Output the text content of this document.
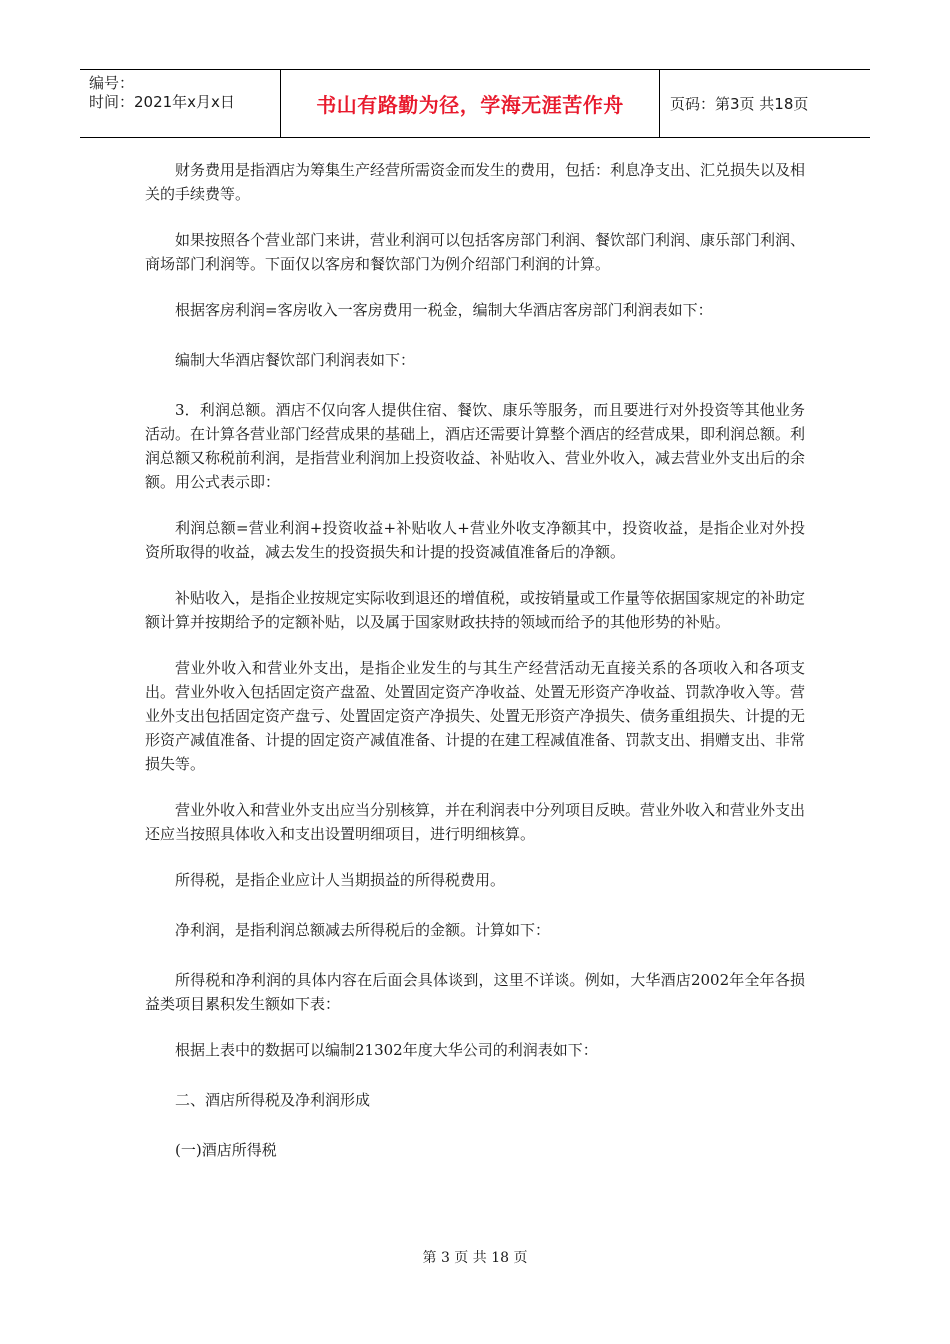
编号：
时间：2021年x月x日	书山有路勤为径，学海无涯苦作舟	页码：第3页 共18页

财务费用是指酒店为筹集生产经营所需资金而发生的费用，包括：利息净支出、汇兑损失以及相关的手续费等。

如果按照各个营业部门来讲，营业利润可以包括客房部门利润、餐饮部门利润、康乐部门利润、商场部门利润等。下面仅以客房和餐饮部门为例介绍部门利润的计算。

根据客房利润=客房收入一客房费用一税金，编制大华酒店客房部门利润表如下：

编制大华酒店餐饮部门利润表如下：

3．利润总额。酒店不仅向客人提供住宿、餐饮、康乐等服务，而且要进行对外投资等其他业务活动。在计算各营业部门经营成果的基础上，酒店还需要计算整个酒店的经营成果，即利润总额。利润总额又称税前利润，是指营业利润加上投资收益、补贴收入、营业外收入，减去营业外支出后的余额。用公式表示即：

利润总额=营业利润+投资收益+补贴收人+营业外收支净额其中，投资收益，是指企业对外投资所取得的收益，减去发生的投资损失和计提的投资减值准备后的净额。

补贴收入，是指企业按规定实际收到退还的增值税，或按销量或工作量等依据国家规定的补助定额计算并按期给予的定额补贴，以及属于国家财政扶持的领域而给予的其他形势的补贴。

营业外收入和营业外支出，是指企业发生的与其生产经营活动无直接关系的各项收入和各项支出。营业外收入包括固定资产盘盈、处置固定资产净收益、处置无形资产净收益、罚款净收入等。营业外支出包括固定资产盘亏、处置固定资产净损失、处置无形资产净损失、债务重组损失、计提的无形资产减值准备、计提的固定资产减值准备、计提的在建工程减值准备、罚款支出、捐赠支出、非常损失等。

营业外收入和营业外支出应当分别核算，并在利润表中分列项目反映。营业外收入和营业外支出还应当按照具体收入和支出设置明细项目，进行明细核算。

所得税，是指企业应计人当期损益的所得税费用。

净利润，是指利润总额减去所得税后的金额。计算如下：

所得税和净利润的具体内容在后面会具体谈到，这里不详谈。例如，大华酒店2002年全年各损益类项目累积发生额如下表：

根据上表中的数据可以编制21302年度大华公司的利润表如下：

二、酒店所得税及净利润形成

(一)酒店所得税

第 3 页 共 18 页
